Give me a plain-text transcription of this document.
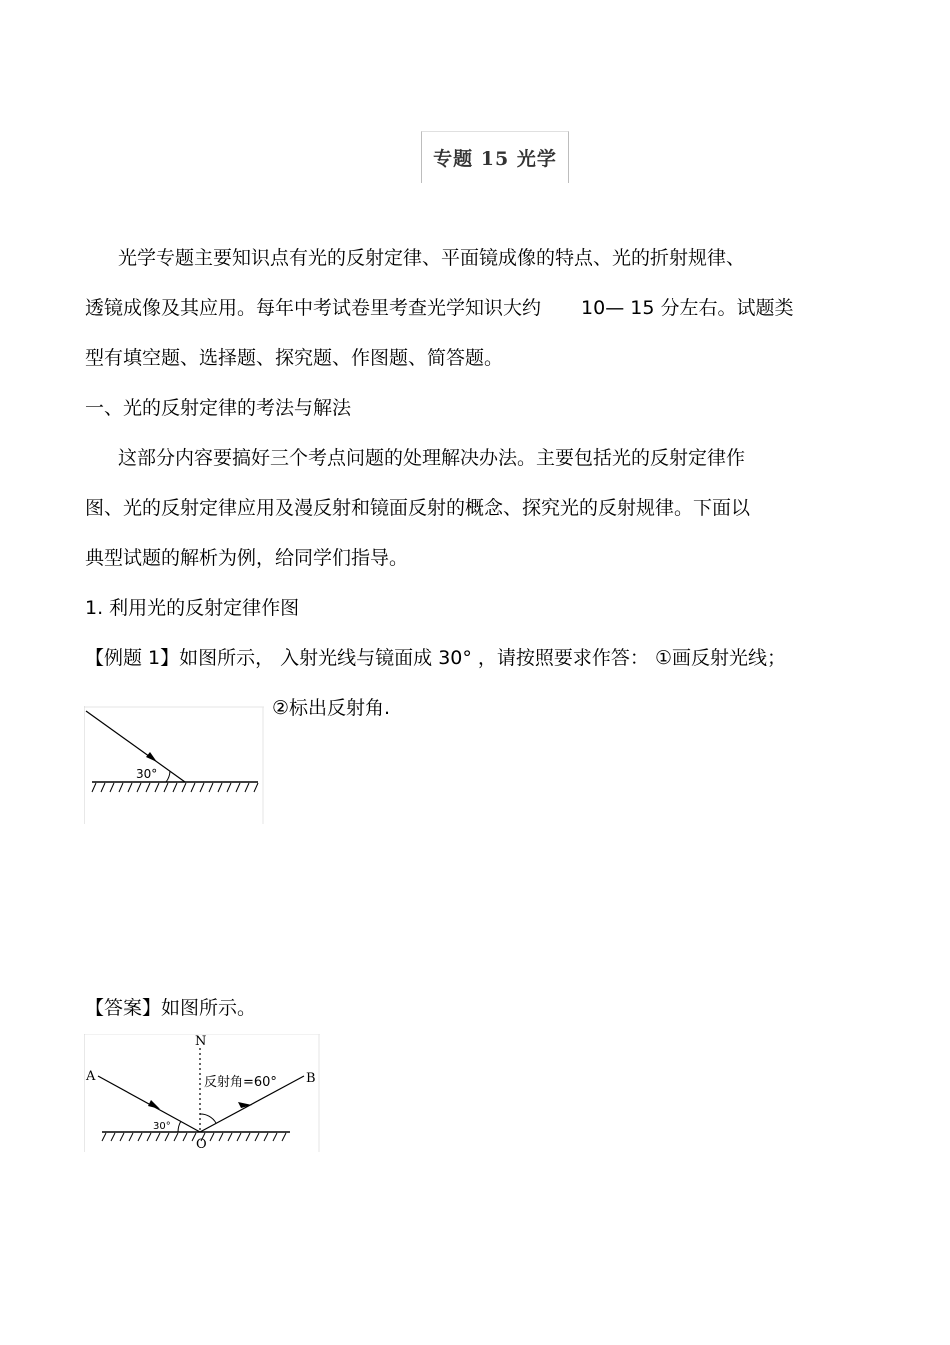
专题 15 光学
光学专题主要知识点有光的反射定律、平面镜成像的特点、光的折射规律、
透镜成像及其应用。每年中考试卷里考查光学知识大约 10— 15 分左右。试题类
型有填空题、选择题、探究题、作图题、简答题。
一、光的反射定律的考法与解法
这部分内容要搞好三个考点问题的处理解决办法。主要包括光的反射定律作
图、光的反射定律应用及漫反射和镜面反射的概念、探究光的反射规律。下面以
典型试题的解析为例，给同学们指导。
1. 利用光的反射定律作图
【例题 1】如图所示， 入射光线与镜面成 30° ，请按照要求作答： ①画反射光线；
②标出反射角.
30°
【答案】如图所示。
N
A	B
O
30°
反射角=60°
